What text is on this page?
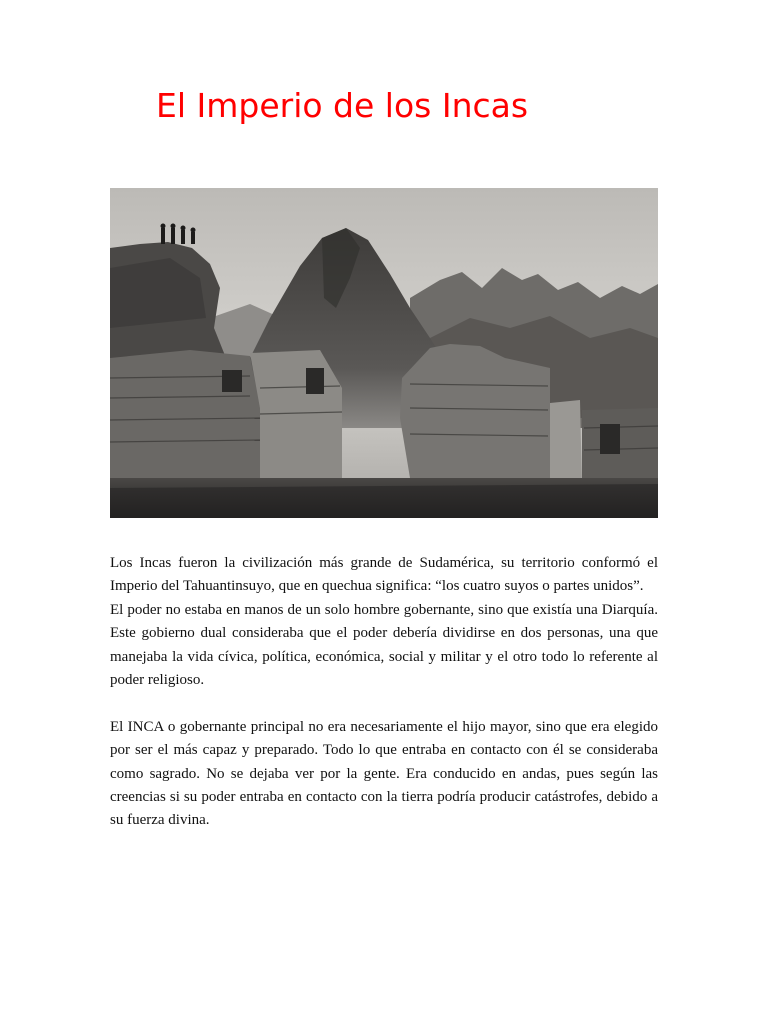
El Imperio de los Incas

Los Incas fueron la civilización más grande de Sudamérica, su territorio conformó el Imperio del Tahuantinsuyo, que en quechua significa: “los cuatro suyos o partes unidos”.

El poder no estaba en manos de un solo hombre gobernante, sino que existía una Diarquía. Este gobierno dual consideraba que el poder debería dividirse en dos personas, una que manejaba la vida cívica, política, económica, social y militar y el otro todo lo referente al poder religioso.

El INCA o gobernante principal no era necesariamente el hijo mayor, sino que era elegido por ser el más capaz y preparado. Todo lo que entraba en contacto con él se consideraba como sagrado. No se dejaba ver por la gente. Era conducido en andas, pues según las creencias si su poder entraba en contacto con la tierra podría producir catástrofes, debido a su fuerza divina.
